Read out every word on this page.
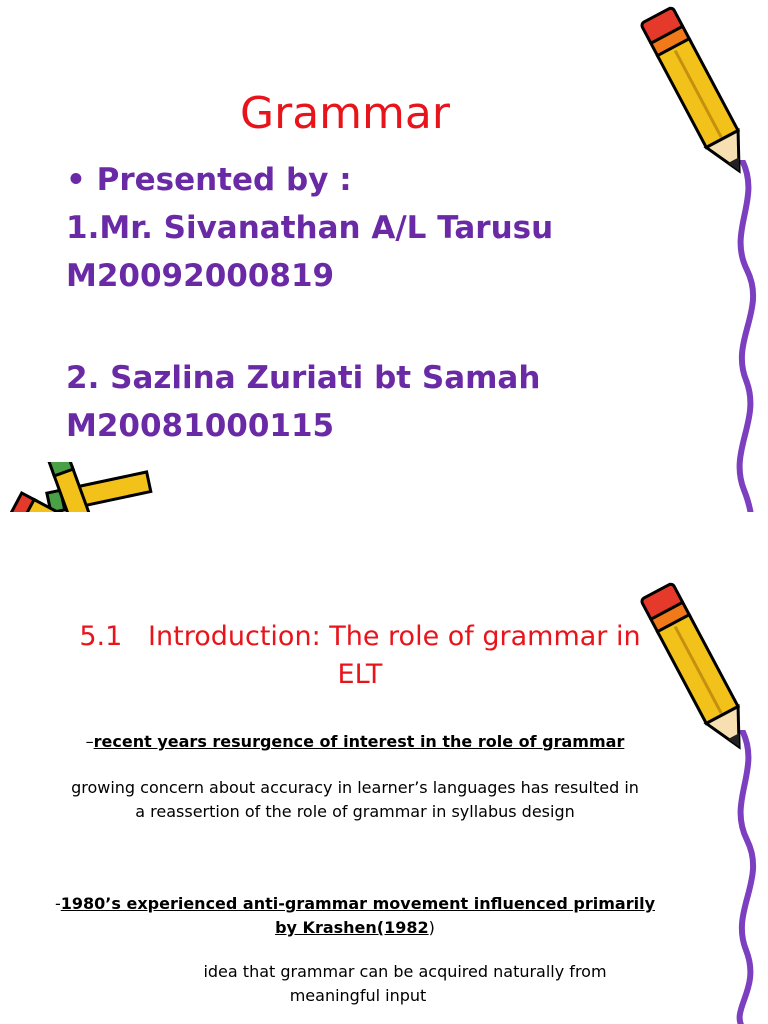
Grammar
• Presented by :
1.Mr. Sivanathan A/L Tarusu
M20092000819
2. Sazlina Zuriati bt Samah
M20081000115
5.1   Introduction: The role of grammar in
ELT
–recent years resurgence of interest in the role of grammar
growing concern about accuracy in learner’s languages has resulted in
a reassertion of the role of grammar in syllabus design
-1980’s experienced anti-grammar movement influenced primarily
by Krashen(1982)
idea that grammar can be acquired naturally from
meaningful input
